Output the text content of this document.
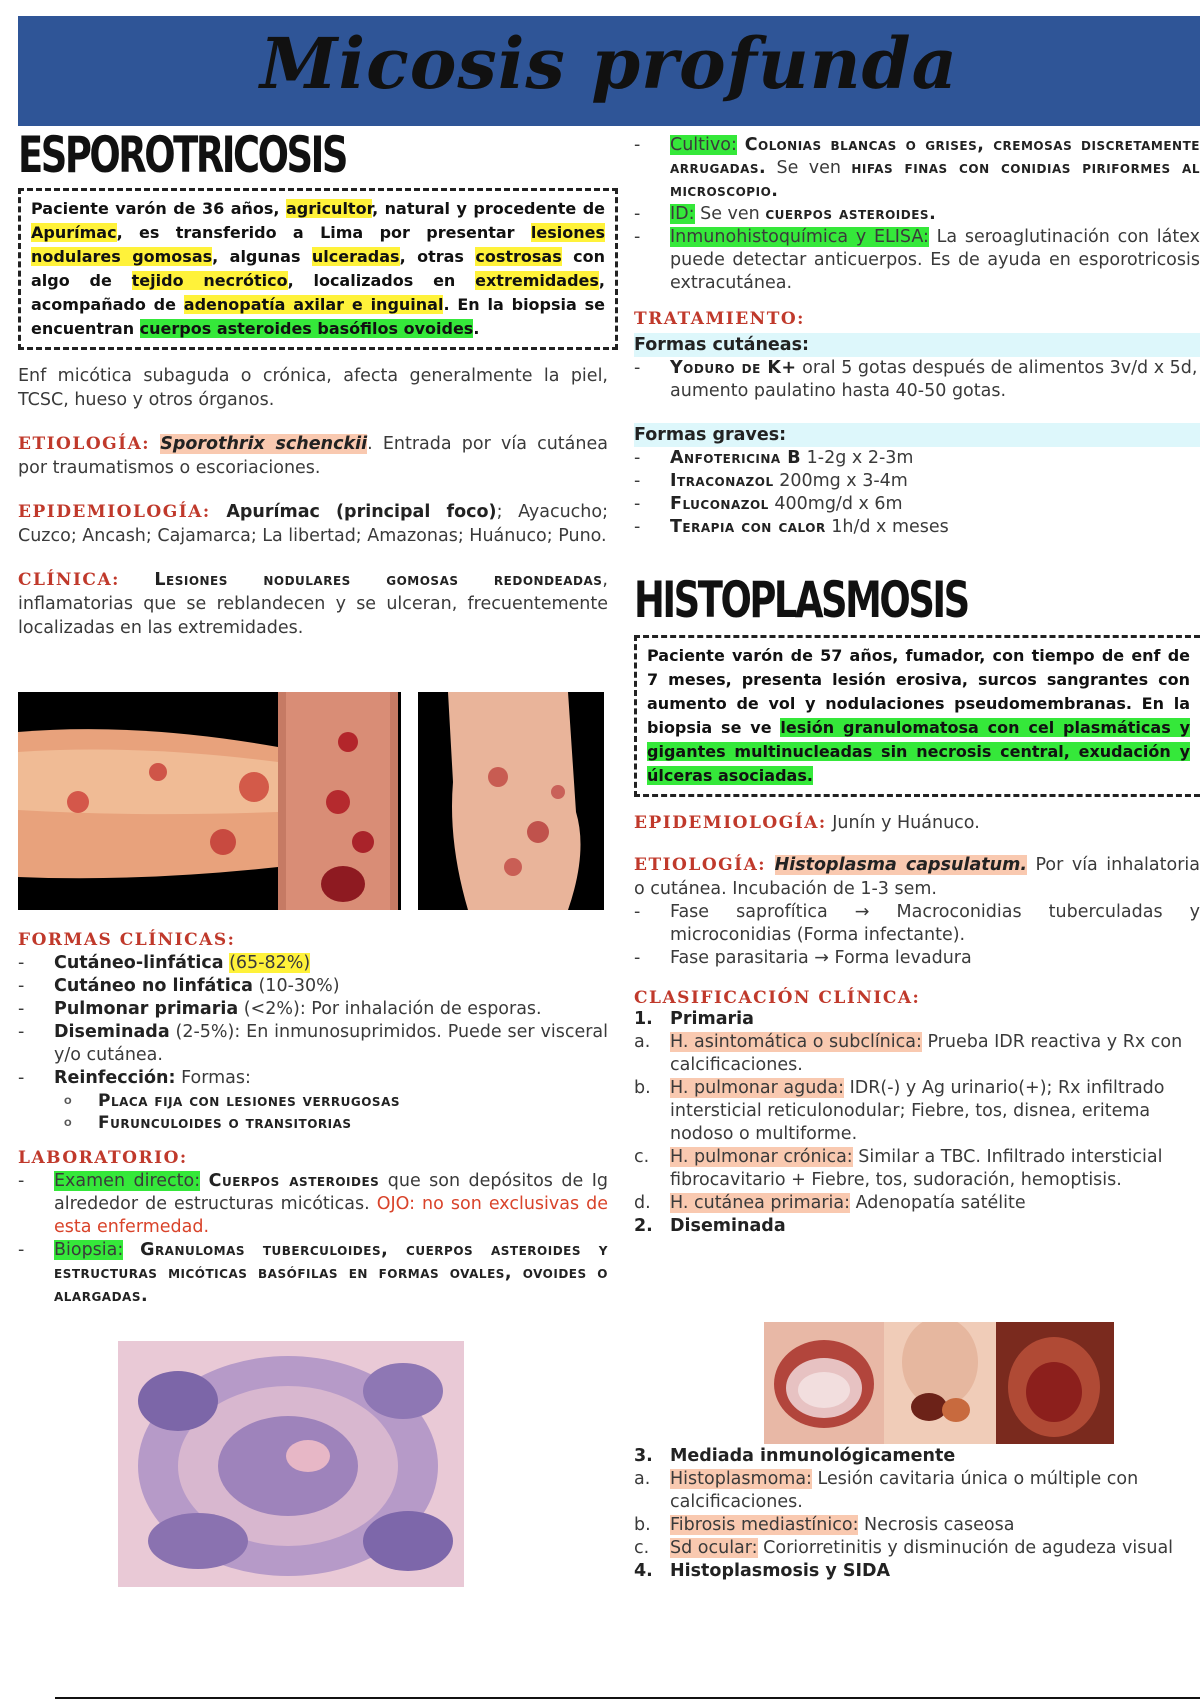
Micosis profunda
ESPOROTRICOSIS
Paciente varón de 36 años, agricultor, natural y procedente de Apurímac, es transferido a Lima por presentar lesiones nodulares gomosas, algunas ulceradas, otras costrosas con algo de tejido necrótico, localizados en extremidades, acompañado de adenopatía axilar e inguinal. En la biopsia se encuentran cuerpos asteroides basófilos ovoides.

Enf micótica subaguda o crónica, afecta generalmente la piel, TCSC, hueso y otros órganos.

ETIOLOGÍA: Sporothrix schenckii. Entrada por vía cutánea por traumatismos o escoriaciones.

EPIDEMIOLOGÍA: Apurímac (principal foco); Ayacucho; Cuzco; Ancash; Cajamarca; La libertad; Amazonas; Huánuco; Puno.

CLÍNICA: Lesiones nodulares gomosas redondeadas, inflamatorias que se reblandecen y se ulceran, frecuentemente localizadas en las extremidades.

FORMAS CLÍNICAS:
- Cutáneo-linfática (65-82%)
- Cutáneo no linfática (10-30%)
- Pulmonar primaria (<2%): Por inhalación de esporas.
- Diseminada (2-5%): En inmunosuprimidos. Puede ser visceral y/o cutánea.
- Reinfección: Formas:
o Placa fija con lesiones verrugosas
o Furunculoides o transitorias
LABORATORIO:
- Examen directo: Cuerpos asteroides que son depósitos de Ig alrededor de estructuras micóticas. OJO: no son exclusivas de esta enfermedad.
- Biopsia: Granulomas tuberculoides, cuerpos asteroides y estructuras micóticas basófilas en formas ovales, ovoides o alargadas.
- Cultivo: Colonias blancas o grises, cremosas discretamente arrugadas. Se ven hifas finas con conidias piriformes al microscopio.
- ID: Se ven cuerpos asteroides.
- Inmunohistoquímica y ELISA: La seroaglutinación con látex puede detectar anticuerpos. Es de ayuda en esporotricosis extracutánea.
TRATAMIENTO:
Formas cutáneas:
- Yoduro de K+ oral 5 gotas después de alimentos 3v/d x 5d, aumento paulatino hasta 40-50 gotas.
Formas graves:
- Anfotericina B 1-2g x 2-3m
- Itraconazol 200mg x 3-4m
- Fluconazol 400mg/d x 6m
- Terapia con calor 1h/d x meses
HISTOPLASMOSIS
Paciente varón de 57 años, fumador, con tiempo de enf de 7 meses, presenta lesión erosiva, surcos sangrantes con aumento de vol y nodulaciones pseudomembranas. En la biopsia se ve lesión granulomatosa con cel plasmáticas y gigantes multinucleadas sin necrosis central, exudación y úlceras asociadas.

EPIDEMIOLOGÍA: Junín y Huánuco.

ETIOLOGÍA: Histoplasma capsulatum. Por vía inhalatoria o cutánea. Incubación de 1-3 sem.

- Fase saprofítica → Macroconidias tuberculadas y microconidias (Forma infectante).
- Fase parasitaria → Forma levadura
CLASIFICACIÓN CLÍNICA:
1. Primaria
a. H. asintomática o subclínica: Prueba IDR reactiva y Rx con calcificaciones.
b. H. pulmonar aguda: IDR(-) y Ag urinario(+); Rx infiltrado intersticial reticulonodular; Fiebre, tos, disnea, eritema nodoso o multiforme.
c. H. pulmonar crónica: Similar a TBC. Infiltrado intersticial fibrocavitario + Fiebre, tos, sudoración, hemoptisis.
d. H. cutánea primaria: Adenopatía satélite
2. Diseminada
3. Mediada inmunológicamente
a. Histoplasmoma: Lesión cavitaria única o múltiple con calcificaciones.
b. Fibrosis mediastínico: Necrosis caseosa
c. Sd ocular: Coriorretinitis y disminución de agudeza visual
4. Histoplasmosis y SIDA
